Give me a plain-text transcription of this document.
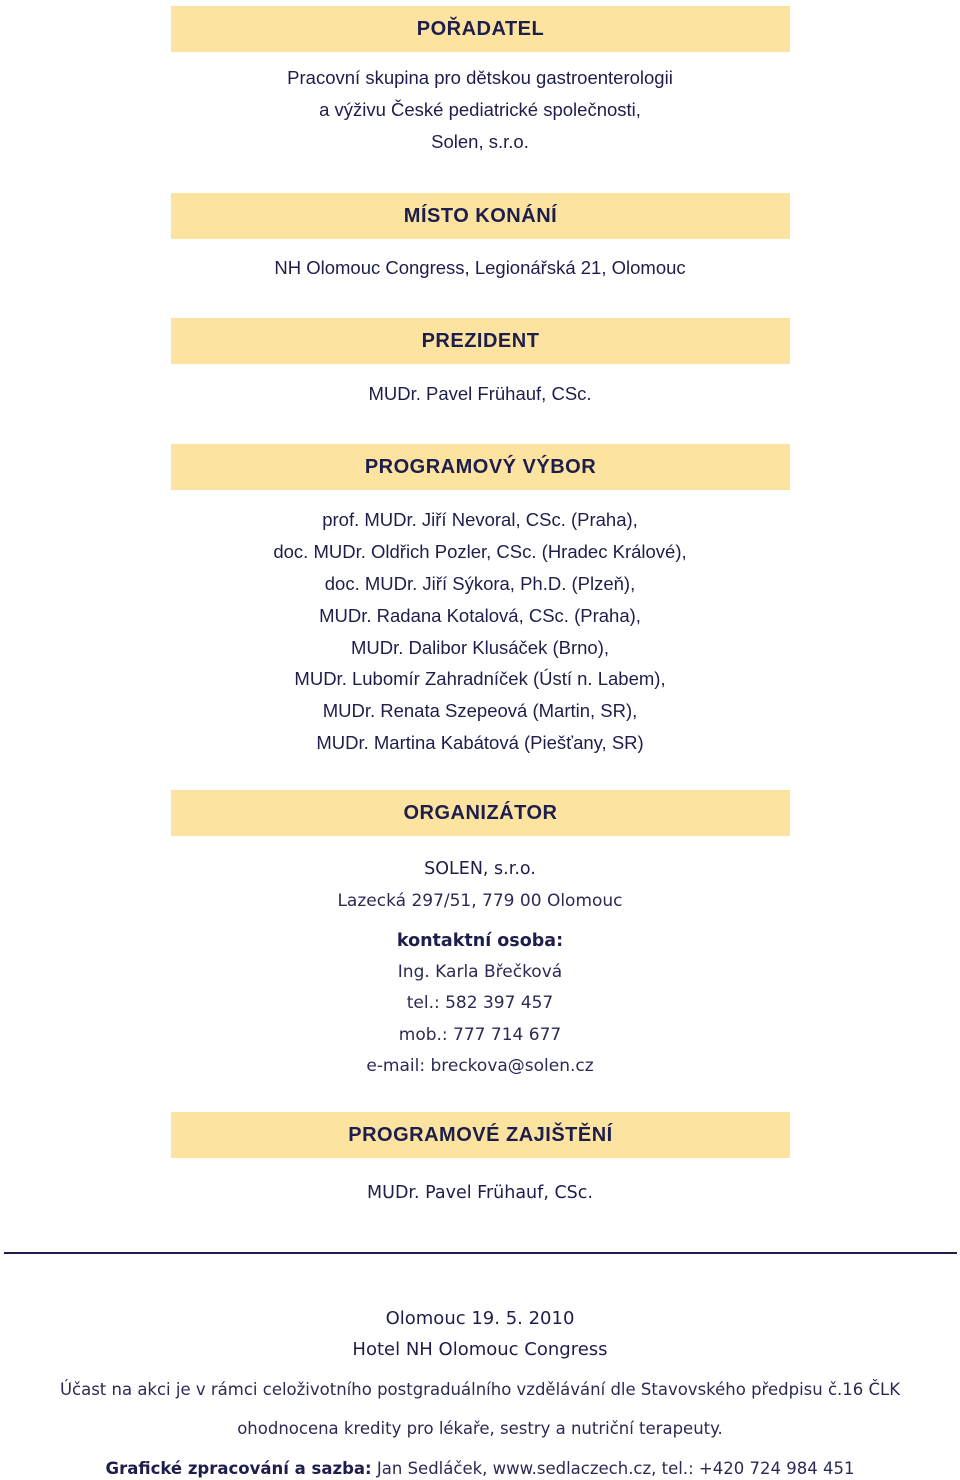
POŘADATEL
Pracovní skupina pro dětskou gastroenterologii
a výživu České pediatrické společnosti,
Solen, s.r.o.
MÍSTO KONÁNÍ
NH Olomouc Congress, Legionářská 21, Olomouc
PREZIDENT
MUDr. Pavel Frühauf, CSc.
PROGRAMOVÝ VÝBOR
prof. MUDr. Jiří Nevoral, CSc. (Praha),
doc. MUDr. Oldřich Pozler, CSc. (Hradec Králové),
doc. MUDr. Jiří Sýkora, Ph.D. (Plzeň),
MUDr. Radana Kotalová, CSc. (Praha),
MUDr. Dalibor Klusáček (Brno),
MUDr. Lubomír Zahradníček (Ústí n. Labem),
MUDr. Renata Szepeová (Martin, SR),
MUDr. Martina Kabátová (Piešťany, SR)
ORGANIZÁTOR
SOLEN, s.r.o.
Lazecká 297/51, 779 00 Olomouc
kontaktní osoba:
Ing. Karla Břečková
tel.: 582 397 457
mob.: 777 714 677
e-mail: breckova@solen.cz
PROGRAMOVÉ ZAJIŠTĚNÍ
MUDr. Pavel Frühauf, CSc.
Olomouc 19. 5. 2010
Hotel NH Olomouc Congress
Účast na akci je v rámci celoživotního postgraduálního vzdělávání dle Stavovského předpisu č.16 ČLK
ohodnocena kredity pro lékaře, sestry a nutriční terapeuty.
Grafické zpracování a sazba: Jan Sedláček, www.sedlaczech.cz, tel.: +420 724 984 451
